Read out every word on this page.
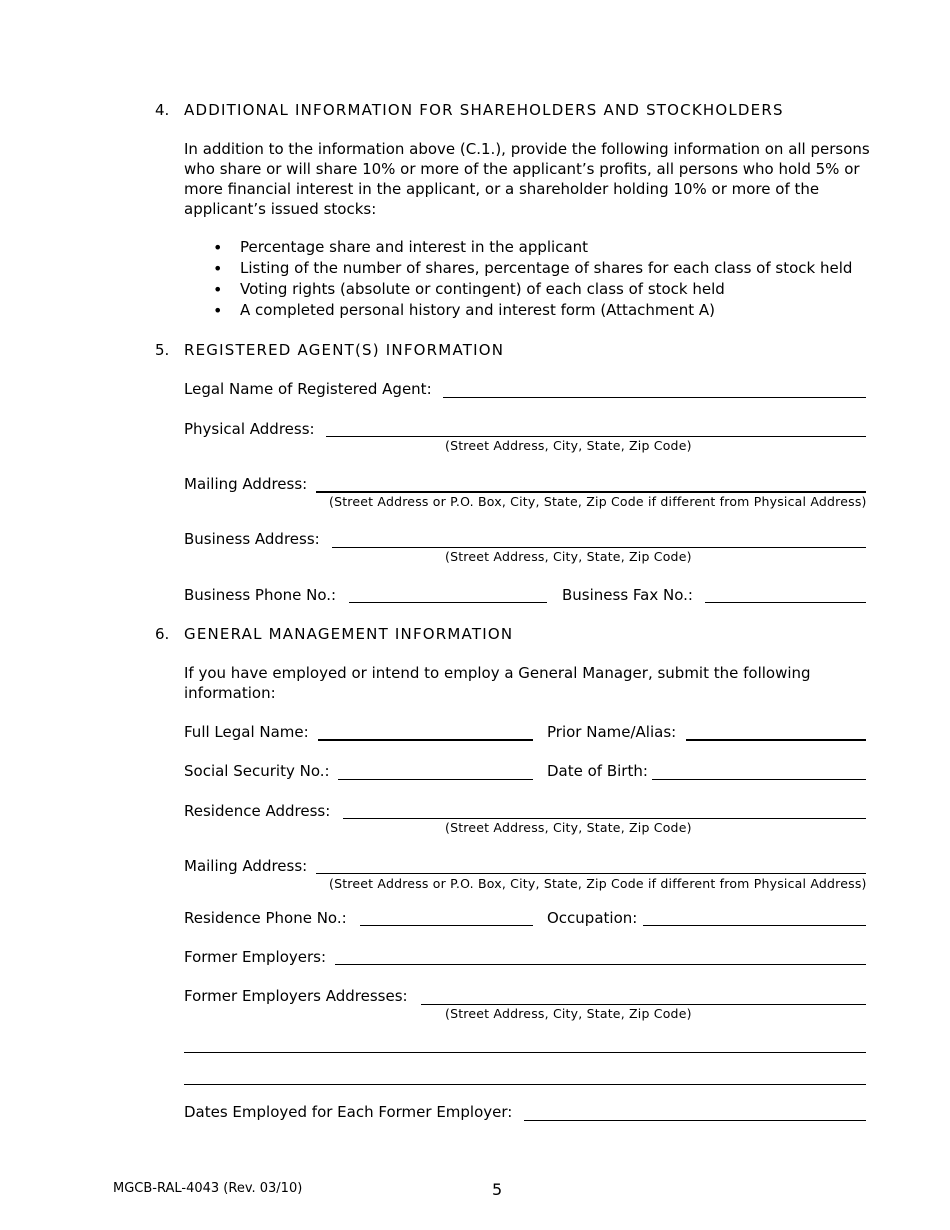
4. ADDITIONAL INFORMATION FOR SHAREHOLDERS AND STOCKHOLDERS
In addition to the information above (C.1.), provide the following information on all persons who share or will share 10% or more of the applicant’s profits, all persons who hold 5% or more financial interest in the applicant, or a shareholder holding 10% or more of the applicant’s issued stocks:
• Percentage share and interest in the applicant
• Listing of the number of shares, percentage of shares for each class of stock held
• Voting rights (absolute or contingent) of each class of stock held
• A completed personal history and interest form (Attachment A)
5. REGISTERED AGENT(S) INFORMATION
Legal Name of Registered Agent:
Physical Address:
(Street Address, City, State, Zip Code)
Mailing Address:
(Street Address or P.O. Box, City, State, Zip Code if different from Physical Address)
Business Address:
(Street Address, City, State, Zip Code)
Business Phone No.:	Business Fax No.:
6. GENERAL MANAGEMENT INFORMATION
If you have employed or intend to employ a General Manager, submit the following information:
Full Legal Name:	Prior Name/Alias:
Social Security No.:	Date of Birth:
Residence Address:
(Street Address, City, State, Zip Code)
Mailing Address:
(Street Address or P.O. Box, City, State, Zip Code if different from Physical Address)
Residence Phone No.:	Occupation:
Former Employers:
Former Employers Addresses:
(Street Address, City, State, Zip Code)
Dates Employed for Each Former Employer:
MGCB-RAL-4043 (Rev. 03/10)	5
